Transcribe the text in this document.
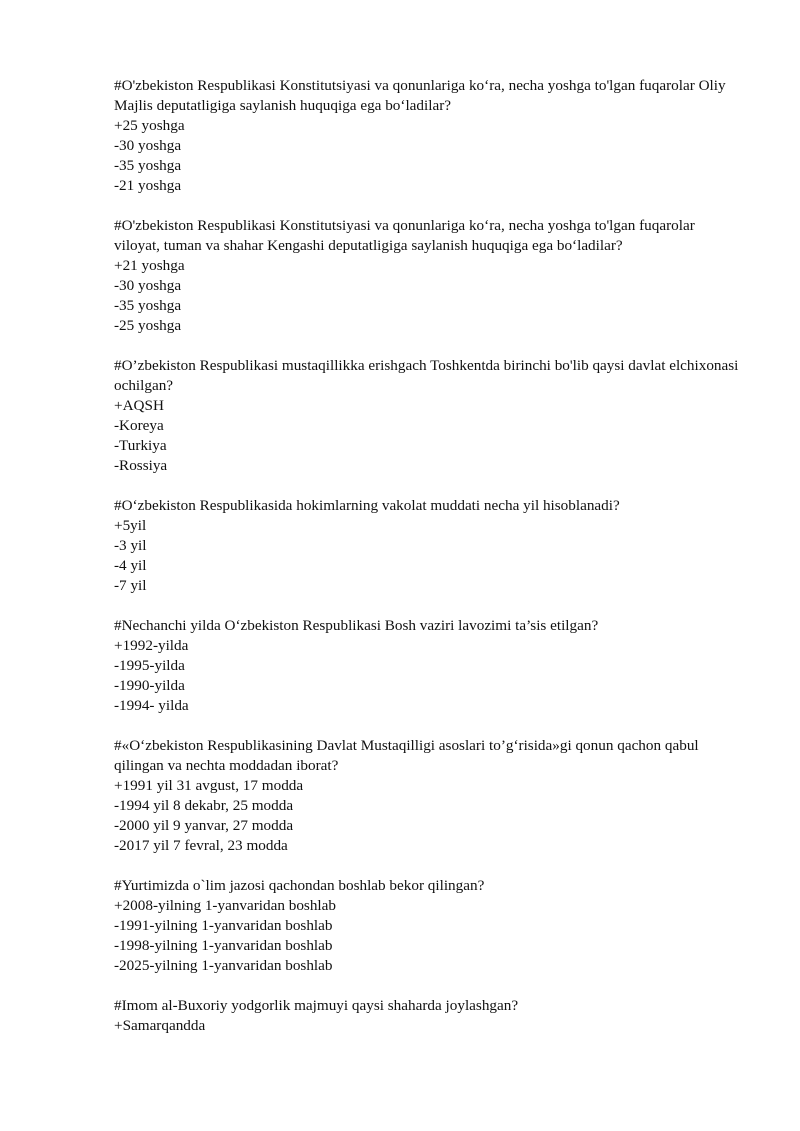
#O'zbekiston Respublikasi Konstitutsiyasi va qonunlariga ko‘ra, necha yoshga to'lgan fuqarolar Oliy Majlis deputatligiga saylanish huquqiga ega bo‘ladilar?

+25 yoshga

-30 yoshga

-35 yoshga

-21 yoshga

#O'zbekiston Respublikasi Konstitutsiyasi va qonunlariga ko‘ra, necha yoshga to'lgan fuqarolar viloyat, tuman va shahar Kengashi deputatligiga saylanish huquqiga ega bo‘ladilar?

+21 yoshga

-30 yoshga

-35 yoshga

-25 yoshga

#O’zbekiston Respublikasi mustaqillikka erishgach Toshkentda birinchi bo'lib qaysi davlat elchixonasi ochilgan?

+AQSH

-Koreya

-Turkiya

-Rossiya

#O‘zbekiston Respublikasida hokimlarning vakolat muddati necha yil hisoblanadi?

+5yil

-3 yil

-4 yil

-7 yil

#Nechanchi yilda O‘zbekiston Respublikasi Bosh vaziri lavozimi ta’sis etilgan?

+1992-yilda

-1995-yilda

-1990-yilda

-1994- yilda

#«O‘zbekiston Respublikasining Davlat Mustaqilligi asoslari to’g‘risida»gi qonun qachon qabul qilingan va nechta moddadan iborat?

+1991 yil 31 avgust, 17 modda

-1994 yil 8 dekabr, 25 modda

-2000 yil 9 yanvar, 27 modda

-2017 yil 7 fevral, 23 modda

#Yurtimizda o`lim jazosi qachondan boshlab bekor qilingan?

+2008-yilning 1-yanvaridan boshlab

-1991-yilning 1-yanvaridan boshlab

-1998-yilning 1-yanvaridan boshlab

-2025-yilning 1-yanvaridan boshlab

#Imom al-Buxoriy yodgorlik majmuyi qaysi shaharda joylashgan?

+Samarqandda
